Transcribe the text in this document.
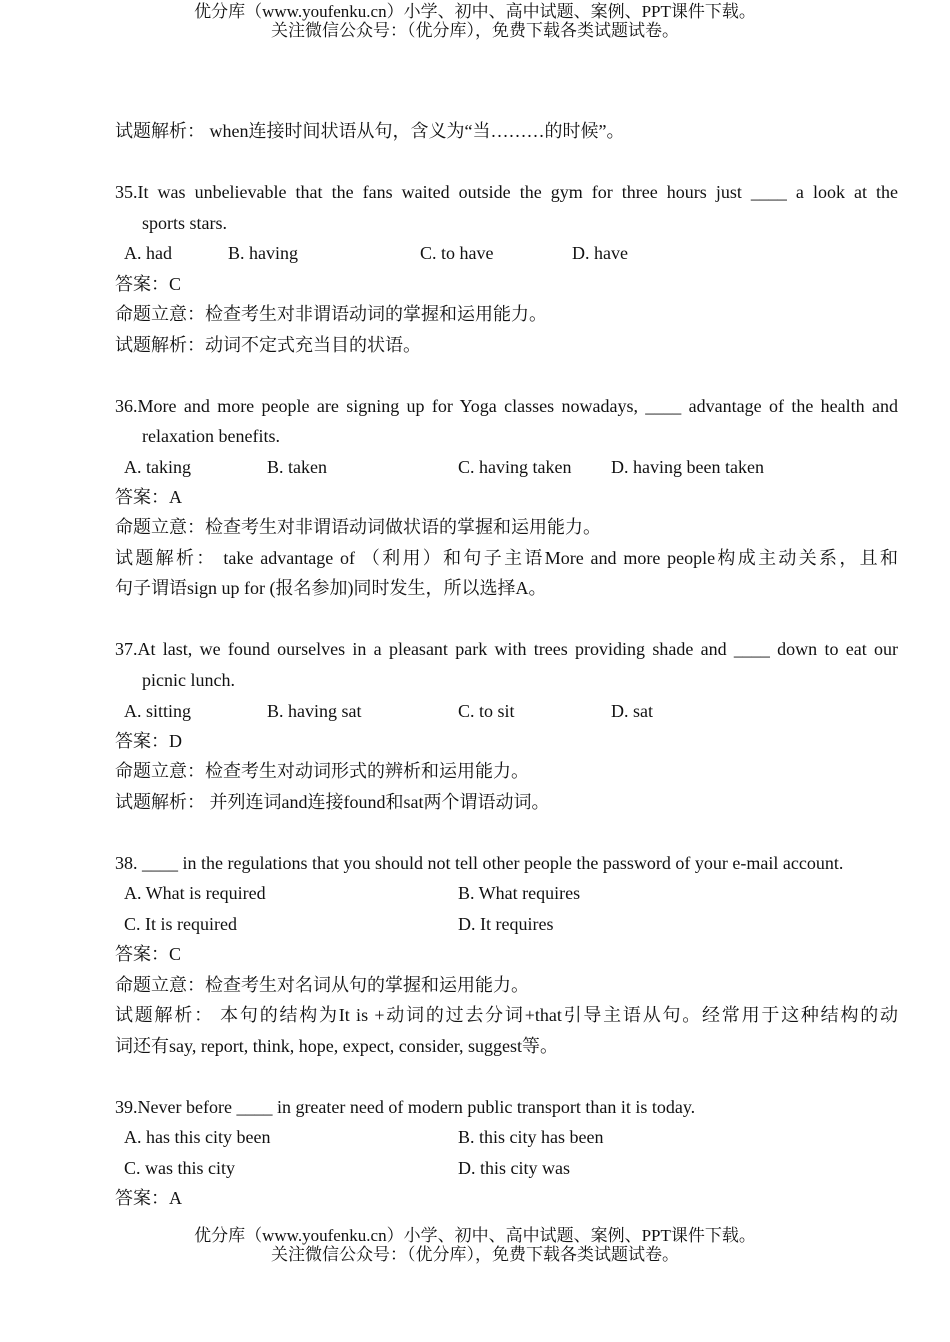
优分库（www.youfenku.cn）小学、初中、高中试题、案例、PPT课件下载。
关注微信公众号：（优分库），免费下载各类试题试卷。
试题解析： when连接时间状语从句，含义为“当………的时候”。
35.It was unbelievable that the fans waited outside the gym for three hours just ____ a look at the
sports stars.
A. had	B. having	C. to have	D. have
答案：C
命题立意：检查考生对非谓语动词的掌握和运用能力。
试题解析：动词不定式充当目的状语。
36.More and more people are signing up for Yoga classes nowadays, ____ advantage of the health and
relaxation benefits.
A. taking	B. taken	C. having taken D. having been taken
答案：A
命题立意：检查考生对非谓语动词做状语的掌握和运用能力。
试题解析： take advantage of （利用）和句子主语More and more people构成主动关系，且和
句子谓语sign up for (报名参加)同时发生，所以选择A。
37.At last, we found ourselves in a pleasant park with trees providing shade and ____ down to eat our
picnic lunch.
A. sitting	B. having sat	C. to sit	D. sat
答案：D
命题立意：检查考生对动词形式的辨析和运用能力。
试题解析： 并列连词and连接found和sat两个谓语动词。
38. ____ in the regulations that you should not tell other people the password of your e-mail account.
A. What is required	B. What requires
C. It is required	D. It requires
答案：C
命题立意：检查考生对名词从句的掌握和运用能力。
试题解析： 本句的结构为It is +动词的过去分词+that引导主语从句。经常用于这种结构的动
词还有say, report, think, hope, expect, consider, suggest等。
39.Never before ____ in greater need of modern public transport than it is today.
A. has this city been	B. this city has been
C. was this city	D. this city was
答案：A
优分库（www.youfenku.cn）小学、初中、高中试题、案例、PPT课件下载。
关注微信公众号：（优分库），免费下载各类试题试卷。
